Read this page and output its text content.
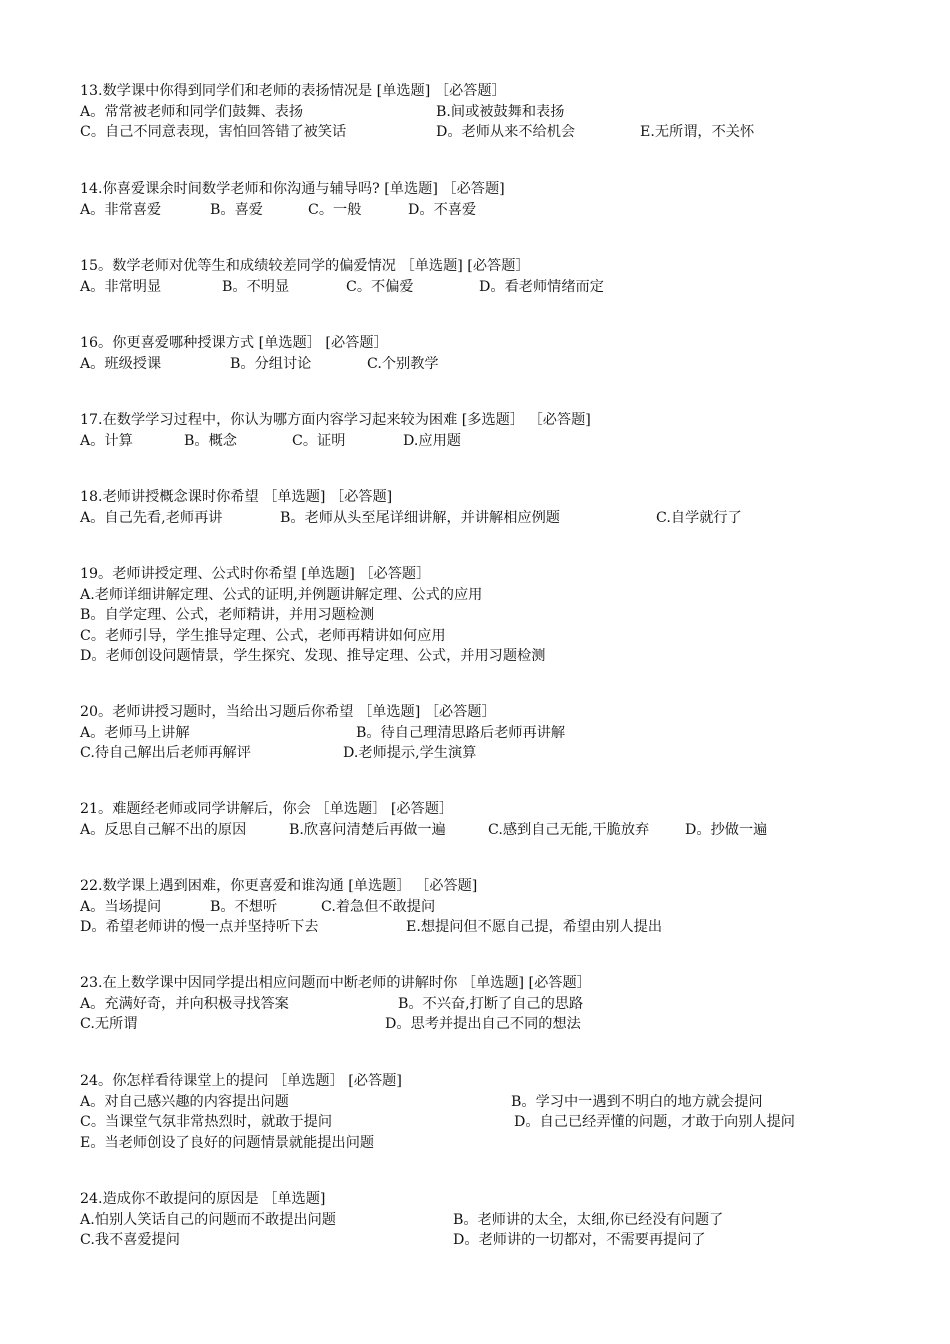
13.数学课中你得到同学们和老师的表扬情况是 [单选题] ［必答题］
A。常常被老师和同学们鼓舞、表扬	B.间或被鼓舞和表扬
C。自己不同意表现，害怕回答错了被笑话	D。老师从来不给机会	E.无所谓，不关怀
14.你喜爱课余时间数学老师和你沟通与辅导吗? [单选题] ［必答题]
A。非常喜爱	B。喜爱	C。一般	D。不喜爱
15。数学老师对优等生和成绩较差同学的偏爱情况 ［单选题] [必答题］
A。非常明显	B。不明显	C。不偏爱	D。看老师情绪而定
16。你更喜爱哪种授课方式 [单选题］ [必答题］
A。班级授课	B。分组讨论	C.个别教学
17.在数学学习过程中，你认为哪方面内容学习起来较为困难 [多选题］ ［必答题]
A。计算	B。概念	C。证明	D.应用题
18.老师讲授概念课时你希望 ［单选题] ［必答题]
A。自己先看,老师再讲	B。老师从头至尾详细讲解，并讲解相应例题	C.自学就行了
19。老师讲授定理、公式时你希望 [单选题] ［必答题］
A.老师详细讲解定理、公式的证明,并例题讲解定理、公式的应用
B。自学定理、公式，老师精讲，并用习题检测
C。老师引导，学生推导定理、公式，老师再精讲如何应用
D。老师创设问题情景，学生探究、发现、推导定理、公式，并用习题检测
20。老师讲授习题时，当给出习题后你希望 ［单选题] ［必答题］
A。老师马上讲解	B。待自己理清思路后老师再讲解
C.待自己解出后老师再解评	D.老师提示,学生演算
21。难题经老师或同学讲解后，你会 ［单选题］ [必答题］
A。反思自己解不出的原因	B.欣喜问清楚后再做一遍	C.感到自己无能,干脆放弃	D。抄做一遍
22.数学课上遇到困难，你更喜爱和谁沟通 [单选题］ ［必答题]
A。当场提问	B。不想听	C.着急但不敢提问
D。希望老师讲的慢一点并坚持听下去	E.想提问但不愿自己提，希望由别人提出
23.在上数学课中因同学提出相应问题而中断老师的讲解时你 ［单选题] [必答题］
A。充满好奇，并向积极寻找答案	B。不兴奋,打断了自己的思路
C.无所谓	D。思考并提出自己不同的想法
24。你怎样看待课堂上的提问 ［单选题］ [必答题]
A。对自己感兴趣的内容提出问题	B。学习中一遇到不明白的地方就会提问
C。当课堂气氛非常热烈时，就敢于提问	D。自己已经弄懂的问题，才敢于向别人提问
E。当老师创设了良好的问题情景就能提出问题
24.造成你不敢提问的原因是 ［单选题]
A.怕别人笑话自己的问题而不敢提出问题	B。老师讲的太全，太细,你已经没有问题了
C.我不喜爱提问	D。老师讲的一切都对，不需要再提问了
